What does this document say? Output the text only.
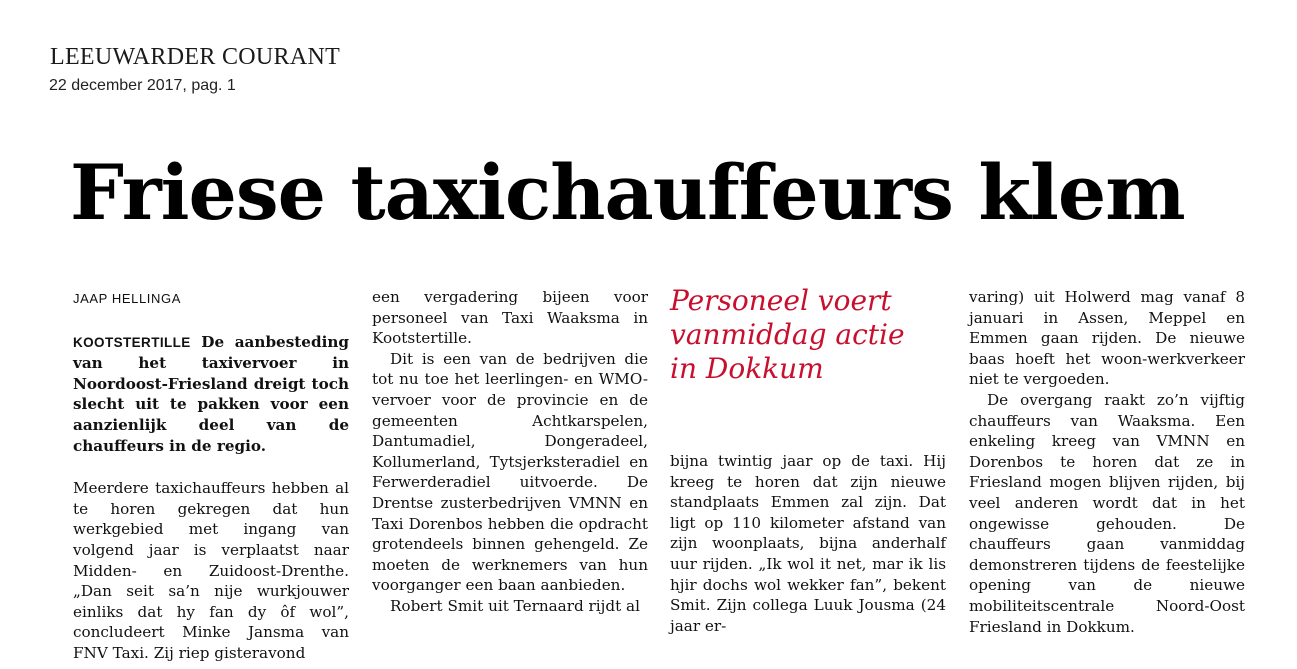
LEEUWARDER COURANT
22 december 2017, pag. 1
Friese taxichauffeurs klem

JAAP HELLINGA

KOOTSTERTILLE De aanbesteding van het taxivervoer in Noordoost-Friesland dreigt toch slecht uit te pakken voor een aanzienlijk deel van de chauffeurs in de regio.

Meerdere taxichauffeurs hebben al te horen gekregen dat hun werkgebied met ingang van volgend jaar is verplaatst naar Midden- en Zuidoost-Drenthe. „Dan seit sa’n nije wurkjouwer einliks dat hy fan dy ôf wol”, concludeert Minke Jansma van FNV Taxi. Zij riep gisteravond

een vergadering bijeen voor personeel van Taxi Waaksma in Kootstertille.

Dit is een van de bedrijven die tot nu toe het leerlingen- en WMO-vervoer voor de provincie en de gemeenten Achtkarspelen, Dantumadiel, Dongeradeel, Kollumerland, Tytsjerksteradiel en Ferwerderadiel uitvoerde. De Drentse zusterbedrijven VMNN en Taxi Dorenbos hebben die opdracht grotendeels binnen gehengeld. Ze moeten de werknemers van hun voorganger een baan aanbieden.

Robert Smit uit Ternaard rijdt al

Personeel voert vanmiddag actie in Dokkum

bijna twintig jaar op de taxi. Hij kreeg te horen dat zijn nieuwe standplaats Emmen zal zijn. Dat ligt op 110 kilometer afstand van zijn woonplaats, bijna anderhalf uur rijden. „Ik wol it net, mar ik lis hjir dochs wol wekker fan”, bekent Smit. Zijn collega Luuk Jousma (24 jaar er-

varing) uit Holwerd mag vanaf 8 januari in Assen, Meppel en Emmen gaan rijden. De nieuwe baas hoeft het woon-werkverkeer niet te vergoeden.

De overgang raakt zo’n vijftig chauffeurs van Waaksma. Een enkeling kreeg van VMNN en Dorenbos te horen dat ze in Friesland mogen blijven rijden, bij veel anderen wordt dat in het ongewisse gehouden. De chauffeurs gaan vanmiddag demonstreren tijdens de feestelijke opening van de nieuwe mobiliteitscentrale Noord-Oost Friesland in Dokkum.
